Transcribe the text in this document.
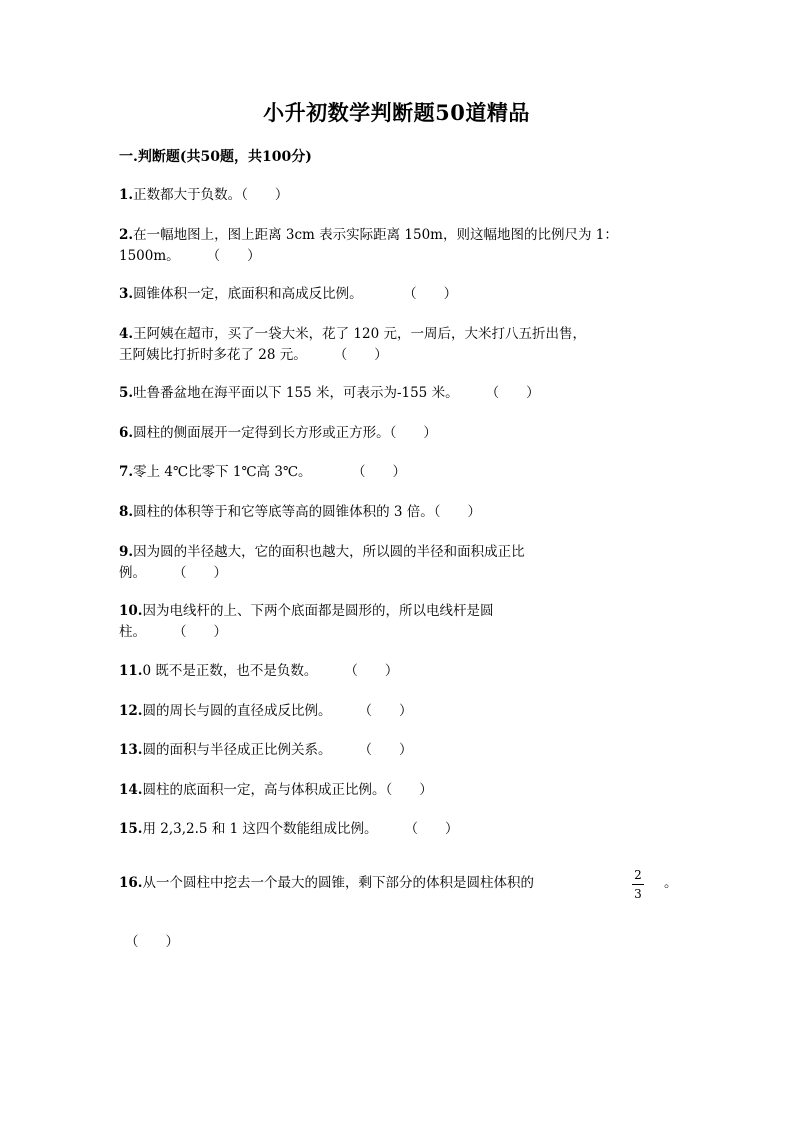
小升初数学判断题50道精品
一.判断题(共50题，共100分)
1.正数都大于负数。（　　）
2.在一幅地图上，图上距离 3cm 表示实际距离 150m，则这幅地图的比例尺为 1：
1500m。　　　（　　）
3.圆锥体积一定，底面积和高成反比例。　　　　（　　）
4.王阿姨在超市，买了一袋大米，花了 120 元，一周后，大米打八五折出售，
王阿姨比打折时多花了 28 元。　　　（　　）
5.吐鲁番盆地在海平面以下 155 米，可表示为-155 米。　　　（　　）
6.圆柱的侧面展开一定得到长方形或正方形。（　　）
7.零上 4℃比零下 1℃高 3℃。　　　　（　　）
8.圆柱的体积等于和它等底等高的圆锥体积的 3 倍。（　　）
9.因为圆的半径越大，它的面积也越大，所以圆的半径和面积成正比
例。　　　（　　）
10.因为电线杆的上、下两个底面都是圆形的，所以电线杆是圆
柱。　　　（　　）
11.0 既不是正数，也不是负数。　　　（　　）
12.圆的周长与圆的直径成反比例。　　　（　　）
13.圆的面积与半径成正比例关系。　　　（　　）
14.圆柱的底面积一定，高与体积成正比例。（　　）
15.用 2,3,2.5 和 1 这四个数能组成比例。　　　（　　）
16.从一个圆柱中挖去一个最大的圆锥，剩下部分的体积是圆柱体积的	。
2
3
（　　）
